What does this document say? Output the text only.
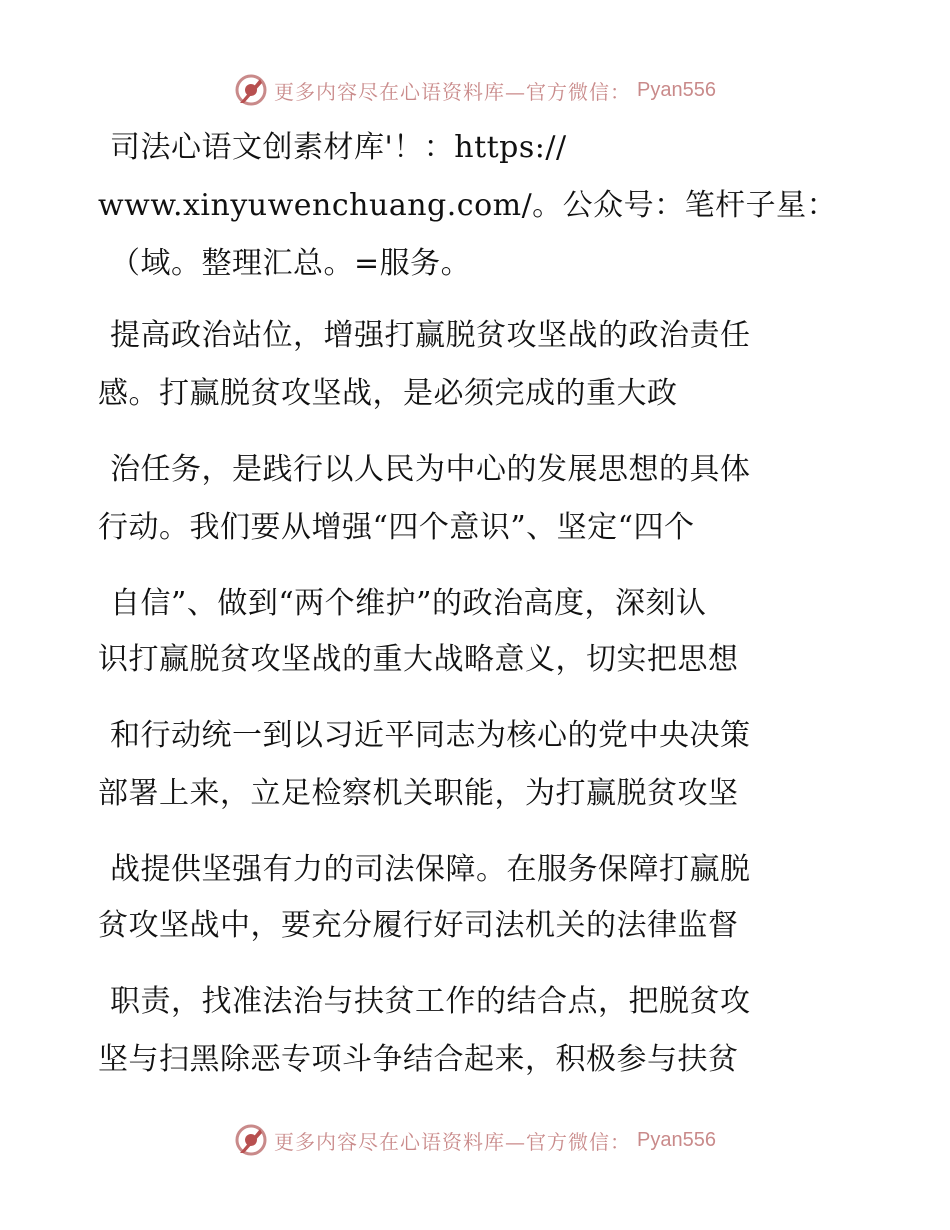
更多内容尽在心语资料库—官方微信： Pyan556
司法心语文创素材库'！：https://
www.xinyuwenchuang.com/。公众号：笔杆子星：
（域。整理汇总。=服务。
提高政治站位，增强打赢脱贫攻坚战的政治责任
感。打赢脱贫攻坚战，是必须完成的重大政
治任务，是践行以人民为中心的发展思想的具体
行动。我们要从增强“四个意识”、坚定“四个
自信”、做到“两个维护”的政治高度，深刻认
识打赢脱贫攻坚战的重大战略意义，切实把思想
和行动统一到以习近平同志为核心的党中央决策
部署上来，立足检察机关职能，为打赢脱贫攻坚
战提供坚强有力的司法保障。在服务保障打赢脱
贫攻坚战中，要充分履行好司法机关的法律监督
职责，找准法治与扶贫工作的结合点，把脱贫攻
坚与扫黑除恶专项斗争结合起来，积极参与扶贫
更多内容尽在心语资料库—官方微信： Pyan556
